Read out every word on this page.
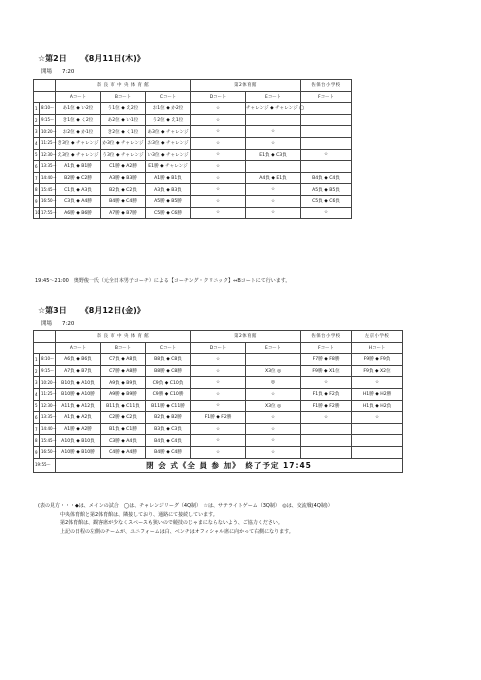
☆第2日 《8月11日(木)》
開場 7:20
		奈 良 市 中 央 体 育 館			第2体育館		佐保台小学校
		Aコート	Bコート	Cコート	Dコート	Eコート	Fコート
1	8:10～	あ1位 ◆ い2位	う1位 ◆ え2位	お1位 ◆ か2位	☆	チャレンジ ◆ チャレンジ ◯	
2	9:15～	き1位 ◆ く2位	あ2位 ◆ い1位	う2位 ◆ え1位	☆		
3	10:20～	お2位 ◆ か1位	き2位 ◆ く1位	あ3位 ◆ チャレンジ	☆	☆	
4	11:25～	き3位 ◆ チャレンジ	か3位 ◆ チャレンジ	お3位 ◆ チャレンジ	☆	☆	
5	12:30～	え3位 ◆ チャレンジ	う3位 ◆ チャレンジ	い3位 ◆ チャレンジ	☆	E1負 ◆ C3負	☆
6	13:35～	A1負 ◆ B1勝	C1勝 ◆ A2勝	E1勝 ◆ チャレンジ	☆		
7	14:40～	B2勝 ◆ C2勝	A3勝 ◆ B3勝	A1勝 ◆ B1負	☆	A4負 ◆ E1負	B4負 ◆ C4負
8	15:45～	C1負 ◆ A3負	B2負 ◆ C2負	A3負 ◆ B3負	☆	☆	A5負 ◆ B5負
9	16:50～	C3負 ◆ A4勝	B4勝 ◆ C4勝	A5勝 ◆ B5勝	☆	☆	C5負 ◆ C6負
10	17:55～	A6勝 ◆ B6勝	A7勝 ◆ B7勝	C5勝 ◆ C6勝	☆	☆	☆
19:45～21:00　奥野俊一氏（元全日本男子コーチ）による【コーチング・クリニック】⇔Bコートにて行います。
☆第3日 《8月12日(金)》
開場 7:20
		奈 良 市 中 央 体 育 館			第2体育館		佐保台小学校	左京小学校
		Aコート	Bコート	Cコート	Dコート	Eコート	Fコート	Hコート
1	8:10～	A6負 ◆ B6負	C7負 ◆ A8負	B8負 ◆ C8負	☆		F7勝 ◆ F8勝	F9勝 ◆ F9負
2	9:15～	A7負 ◆ B7負	C7勝 ◆ A8勝	B8勝 ◆ C8勝	☆	X3位 ◎	F9勝 ◆ X1位	F9負 ◆ X2位
3	10:20～	B10負 ◆ A10負	A9負 ◆ B9負	C9負 ◆ C10負	☆	◎	☆	☆
4	11:25～	B10勝 ◆ A10勝	A9勝 ◆ B9勝	C9勝 ◆ C10勝	☆	☆	F1負 ◆ F2負	H1勝 ◆ H2勝
5	12:30～	A11負 ◆ A12負	B11負 ◆ C11負	B11勝 ◆ C11勝	☆	X3位 ◎	F1勝 ◆ F2勝	H1負 ◆ H2負
6	13:35～	A1負 ◆ A2負	C2勝 ◆ C2負	B2負 ◆ B2勝	F1勝 ◆ F2勝	☆	☆	☆
7	14:40～	A1勝 ◆ A2勝	B1負 ◆ C1勝	B3負 ◆ C3負	☆	☆		
8	15:45～	A10負 ◆ B10負	C3勝 ◆ A4負	B4負 ◆ C4負	☆	☆		
9	16:50～	A10勝 ◆ B10勝	C4勝 ◆ A4勝	B4勝 ◆ C4勝	☆	☆		
19:55～		閉 会 式《全 員 参 加》　終了予定 17:45						
(表の見方・・・◆は、メインの試合　◯は、チャレンジリーグ（4Q制）　☆は、サテライトゲーム（3Q制）　◎は、交流戦(4Q制)）
中央体育館と第2体育館は、隣接しており、通路にて接続しています。
第2体育館は、観客席が少なくスペースも狭いので競技のじゃまにならないよう、ご協力ください。
上記の日程の左側のチームが、ユニフォームは白、ベンチはオフィシャル席に向かって右側になります。
